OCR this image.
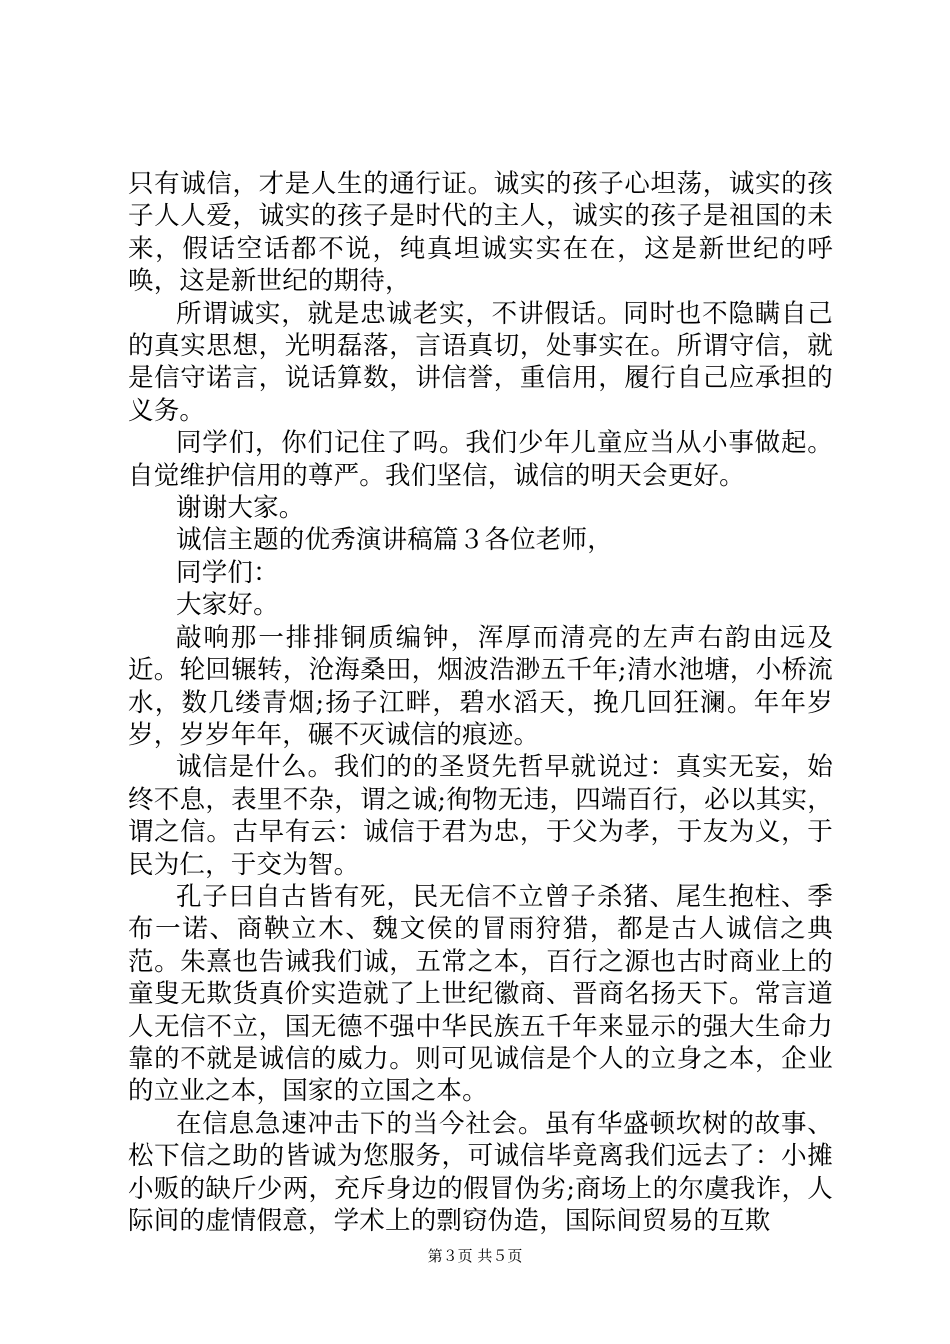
只有诚信，才是人生的通行证。诚实的孩子心坦荡，诚实的孩子人人爱，诚实的孩子是时代的主人，诚实的孩子是祖国的未来，假话空话都不说，纯真坦诚实实在在，这是新世纪的呼唤，这是新世纪的期待，

所谓诚实，就是忠诚老实，不讲假话。同时也不隐瞒自己的真实思想，光明磊落，言语真切，处事实在。所谓守信，就是信守诺言，说话算数，讲信誉，重信用，履行自己应承担的义务。

同学们，你们记住了吗。我们少年儿童应当从小事做起。自觉维护信用的尊严。我们坚信，诚信的明天会更好。

谢谢大家。

诚信主题的优秀演讲稿篇３各位老师，

同学们：

大家好。

敲响那一排排铜质编钟，浑厚而清亮的左声右韵由远及近。轮回辗转，沧海桑田，烟波浩渺五千年;清水池塘，小桥流水，数几缕青烟;扬子江畔，碧水滔天，挽几回狂澜。年年岁岁，岁岁年年，碾不灭诚信的痕迹。

诚信是什么。我们的的圣贤先哲早就说过：真实无妄，始终不息，表里不杂，谓之诚;徇物无违，四端百行，必以其实，谓之信。古早有云：诚信于君为忠，于父为孝，于友为义，于民为仁，于交为智。

孔子曰自古皆有死，民无信不立曾子杀猪、尾生抱柱、季布一诺、商鞅立木、魏文侯的冒雨狩猎，都是古人诚信之典范。朱熹也告诫我们诚，五常之本，百行之源也古时商业上的童叟无欺货真价实造就了上世纪徽商、晋商名扬天下。常言道人无信不立，国无德不强中华民族五千年来显示的强大生命力靠的不就是诚信的威力。则可见诚信是个人的立身之本，企业的立业之本，国家的立国之本。

在信息急速冲击下的当今社会。虽有华盛顿坎树的故事、松下信之助的皆诚为您服务，可诚信毕竟离我们远去了：小摊小贩的缺斤少两，充斥身边的假冒伪劣;商场上的尔虞我诈，人际间的虚情假意，学术上的剽窃伪造，国际间贸易的互欺

第３页 共５页
